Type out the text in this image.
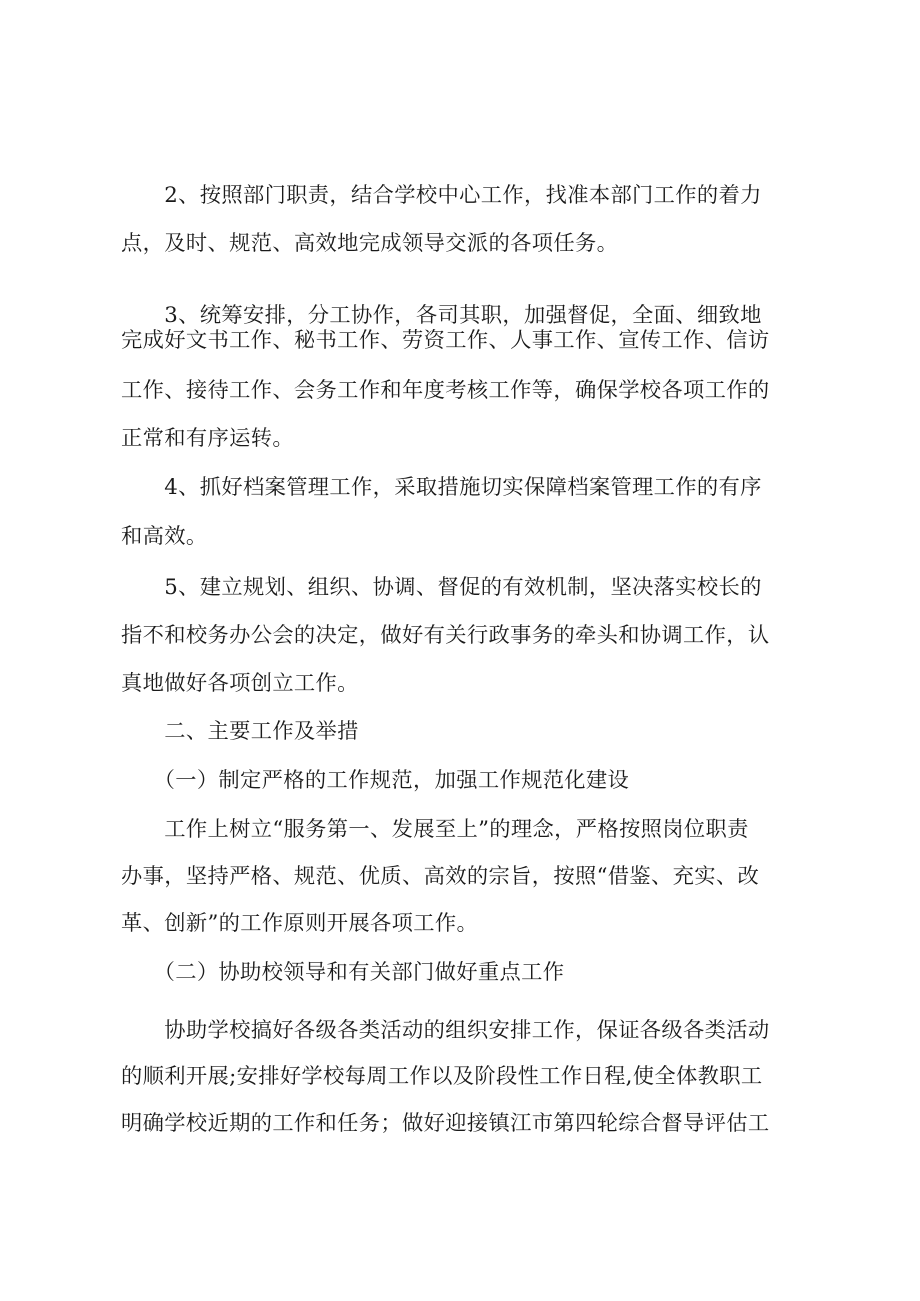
　　2、按照部门职责，结合学校中心工作，找准本部门工作的着力

点，及时、规范、高效地完成领导交派的各项任务。

　　3、统筹安排，分工协作，各司其职，加强督促，全面、细致地

完成好文书工作、秘书工作、劳资工作、人事工作、宣传工作、信访

工作、接待工作、会务工作和年度考核工作等，确保学校各项工作的

正常和有序运转。

　　4、抓好档案管理工作，采取措施切实保障档案管理工作的有序

和高效。

　　5、建立规划、组织、协调、督促的有效机制，坚决落实校长的

指不和校务办公会的决定，做好有关行政事务的牵头和协调工作，认

真地做好各项创立工作。

　　二、主要工作及举措

　　（一）制定严格的工作规范，加强工作规范化建设

　　工作上树立“服务第一、发展至上”的理念，严格按照岗位职责

办事，坚持严格、规范、优质、高效的宗旨，按照“借鉴、充实、改

革、创新”的工作原则开展各项工作。

　　（二）协助校领导和有关部门做好重点工作

　　协助学校搞好各级各类活动的组织安排工作，保证各级各类活动

的顺利开展;安排好学校每周工作以及阶段性工作日程,使全体教职工

明确学校近期的工作和任务；做好迎接镇江市第四轮综合督导评估工
